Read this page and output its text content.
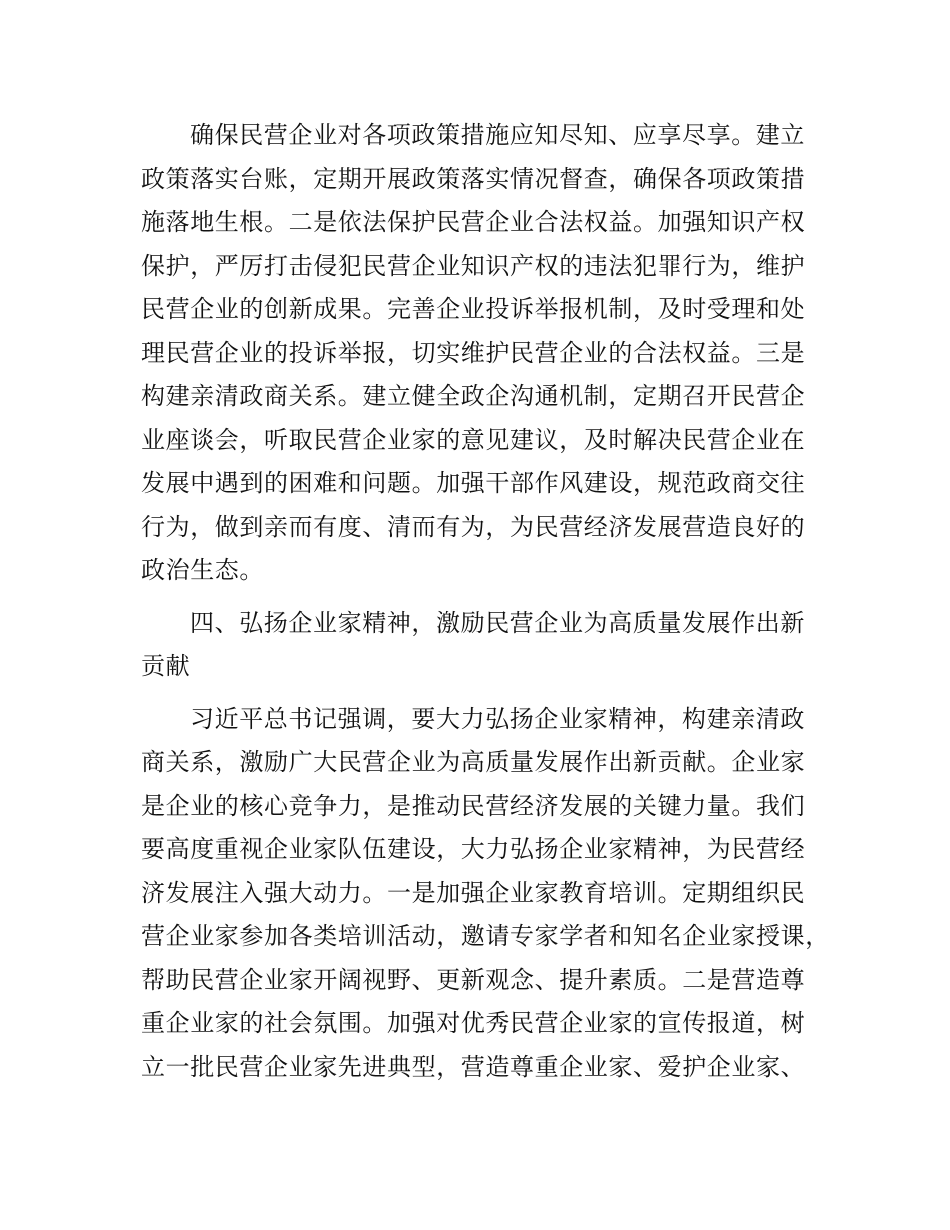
确保民营企业对各项政策措施应知尽知、应享尽享。建立
政策落实台账，定期开展政策落实情况督查，确保各项政策措
施落地生根。二是依法保护民营企业合法权益。加强知识产权
保护，严厉打击侵犯民营企业知识产权的违法犯罪行为，维护
民营企业的创新成果。完善企业投诉举报机制，及时受理和处
理民营企业的投诉举报，切实维护民营企业的合法权益。三是
构建亲清政商关系。建立健全政企沟通机制，定期召开民营企
业座谈会，听取民营企业家的意见建议，及时解决民营企业在
发展中遇到的困难和问题。加强干部作风建设，规范政商交往
行为，做到亲而有度、清而有为，为民营经济发展营造良好的
政治生态。
四、弘扬企业家精神，激励民营企业为高质量发展作出新
贡献
习近平总书记强调，要大力弘扬企业家精神，构建亲清政
商关系，激励广大民营企业为高质量发展作出新贡献。企业家
是企业的核心竞争力，是推动民营经济发展的关键力量。我们
要高度重视企业家队伍建设，大力弘扬企业家精神，为民营经
济发展注入强大动力。一是加强企业家教育培训。定期组织民
营企业家参加各类培训活动，邀请专家学者和知名企业家授课，
帮助民营企业家开阔视野、更新观念、提升素质。二是营造尊
重企业家的社会氛围。加强对优秀民营企业家的宣传报道，树
立一批民营企业家先进典型，营造尊重企业家、爱护企业家、
